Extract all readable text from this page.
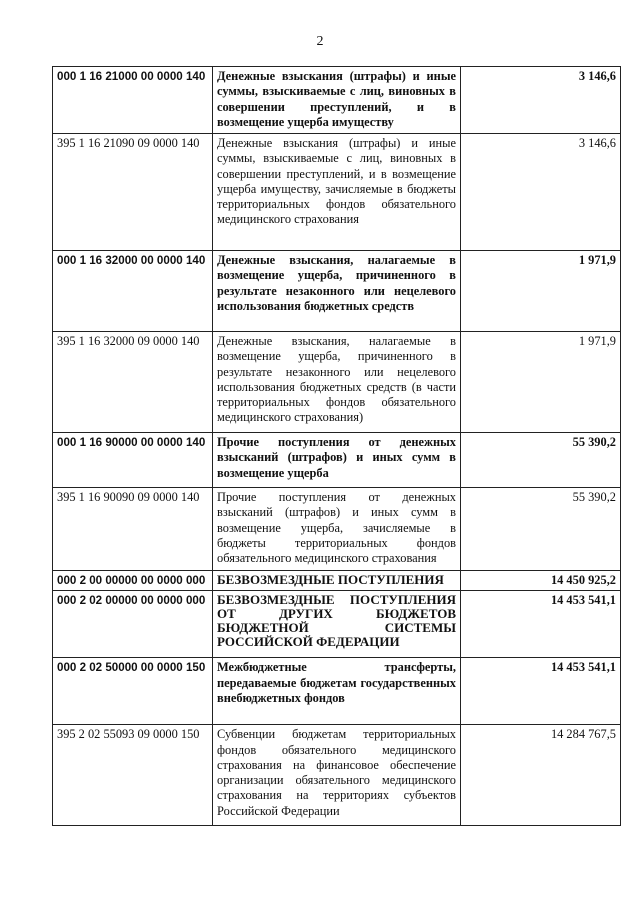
2
000 1 16 21000 00 0000 140	Денежные взыскания (штрафы) и иные суммы, взыскиваемые с лиц, виновных в совершении преступлений, и в возмещение ущерба имуществу	3 146,6
395 1 16 21090 09 0000 140	Денежные взыскания (штрафы) и иные суммы, взыскиваемые с лиц, виновных в совершении преступлений, и в возмещение ущерба имуществу, зачисляемые в бюджеты территориальных фондов обязательного медицинского страхования	3 146,6
000 1 16 32000 00 0000 140	Денежные взыскания, налагаемые в возмещение ущерба, причиненного в результате незаконного или нецелевого использования бюджетных средств	1 971,9
395 1 16 32000 09 0000 140	Денежные взыскания, налагаемые в возмещение ущерба, причиненного в результате незаконного или нецелевого использования бюджетных средств (в части территориальных фондов обязательного медицинского страхования)	1 971,9
000 1 16 90000 00 0000 140	Прочие поступления от денежных взысканий (штрафов) и иных сумм в возмещение ущерба	55 390,2
395 1 16 90090 09 0000 140	Прочие поступления от денежных взысканий (штрафов) и иных сумм в возмещение ущерба, зачисляемые в бюджеты территориальных фондов обязательного медицинского страхования	55 390,2
000 2 00 00000 00 0000 000	БЕЗВОЗМЕЗДНЫЕ ПОСТУПЛЕНИЯ	14 450 925,2
000 2 02 00000 00 0000 000	БЕЗВОЗМЕЗДНЫЕ ПОСТУПЛЕНИЯ ОТ ДРУГИХ БЮДЖЕТОВ БЮДЖЕТНОЙ СИСТЕМЫ РОССИЙСКОЙ ФЕДЕРАЦИИ	14 453 541,1
000 2 02 50000 00 0000 150	Межбюджетные трансферты, передаваемые бюджетам государственных внебюджетных фондов	14 453 541,1
395 2 02 55093 09 0000 150	Субвенции бюджетам территориальных фондов обязательного медицинского страхования на финансовое обеспечение организации обязательного медицинского страхования на территориях субъектов Российской Федерации	14 284 767,5
